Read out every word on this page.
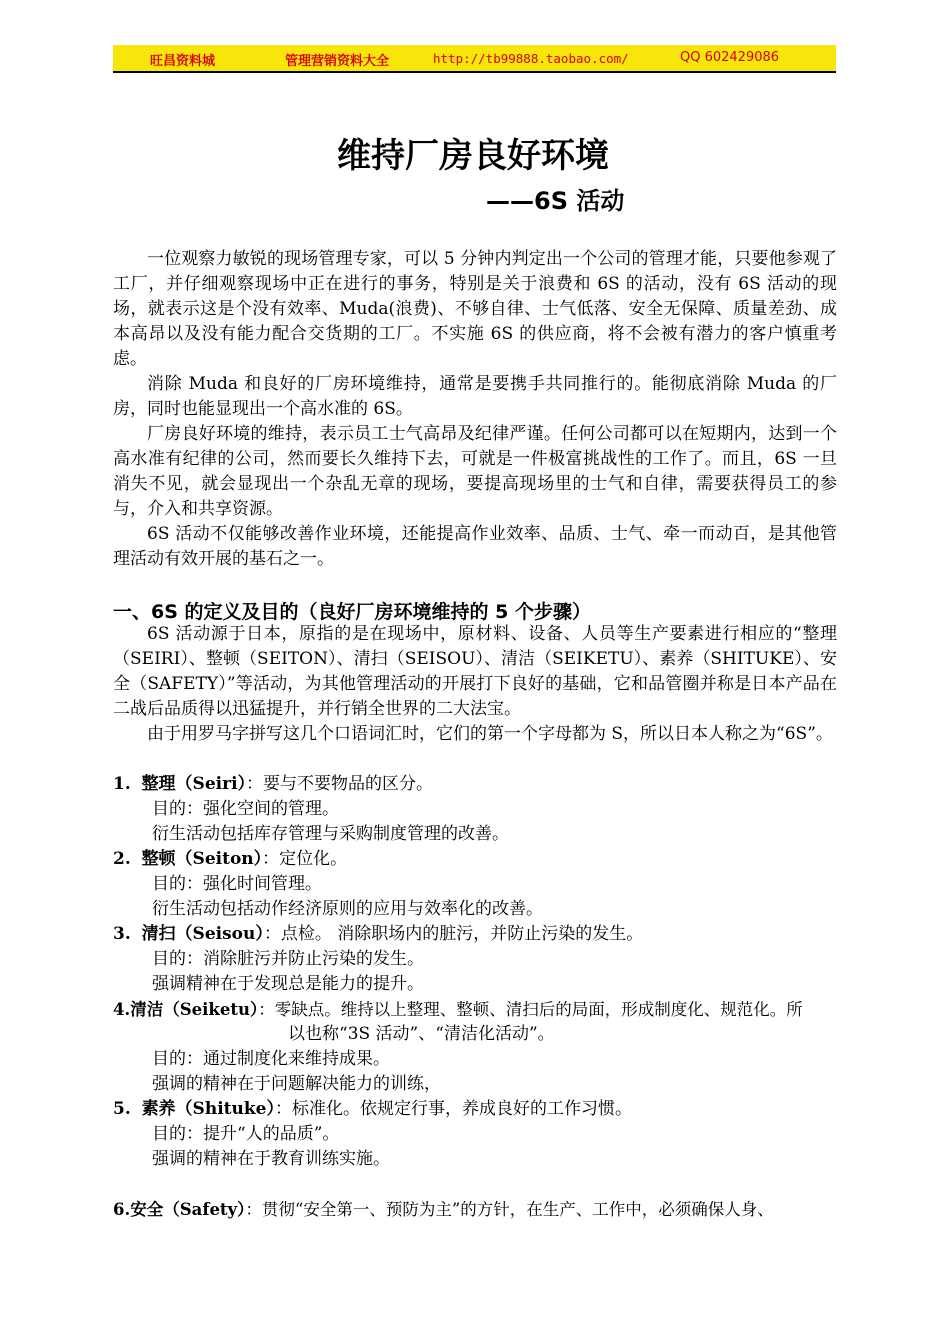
旺昌资料城	管理营销资料大全	http://tb99888.taobao.com/	QQ 602429086
维持厂房良好环境
——6S 活动

一位观察力敏锐的现场管理专家，可以 5 分钟内判定出一个公司的管理才能，只要他参观了工厂，并仔细观察现场中正在进行的事务，特别是关于浪费和 6S 的活动，没有 6S 活动的现场，就表示这是个没有效率、Muda(浪费)、不够自律、士气低落、安全无保障、质量差劲、成本高昂以及没有能力配合交货期的工厂。不实施 6S 的供应商，将不会被有潜力的客户慎重考虑。

消除 Muda 和良好的厂房环境维持，通常是要携手共同推行的。能彻底消除 Muda 的厂房，同时也能显现出一个高水准的 6S。

厂房良好环境的维持，表示员工士气高昂及纪律严谨。任何公司都可以在短期内，达到一个高水准有纪律的公司，然而要长久维持下去，可就是一件极富挑战性的工作了。而且，6S 一旦消失不见，就会显现出一个杂乱无章的现场，要提高现场里的士气和自律，需要获得员工的参与，介入和共享资源。

6S 活动不仅能够改善作业环境，还能提高作业效率、品质、士气、牵一而动百，是其他管理活动有效开展的基石之一。

一、6S 的定义及目的（良好厂房环境维持的 5 个步骤）

6S 活动源于日本，原指的是在现场中，原材料、设备、人员等生产要素进行相应的“整理（SEIRI）、整顿（SEITON）、清扫（SEISOU）、清洁（SEIKETU）、素养（SHITUKE）、安全（SAFETY）”等活动，为其他管理活动的开展打下良好的基础，它和品管圈并称是日本产品在二战后品质得以迅猛提升，并行销全世界的二大法宝。

由于用罗马字拼写这几个口语词汇时，它们的第一个字母都为 S，所以日本人称之为“6S”。

1. 整理（Seiri）：要与不要物品的区分。
目的：强化空间的管理。
衍生活动包括库存管理与采购制度管理的改善。
2. 整顿（Seiton）：定位化。
目的：强化时间管理。
衍生活动包括动作经济原则的应用与效率化的改善。
3. 清扫（Seisou）：点检。 消除职场内的脏污，并防止污染的发生。
目的：消除脏污并防止污染的发生。
强调精神在于发现总是能力的提升。
4.清洁（Seiketu）：零缺点。维持以上整理、整顿、清扫后的局面，形成制度化、规范化。所
以也称“3S 活动”、“清洁化活动”。
目的：通过制度化来维持成果。
强调的精神在于问题解决能力的训练，
5. 素养（Shituke）：标准化。依规定行事，养成良好的工作习惯。
目的：提升“人的品质”。
强调的精神在于教育训练实施。
6.安全（Safety）：贯彻“安全第一、预防为主”的方针，在生产、工作中，必须确保人身、
